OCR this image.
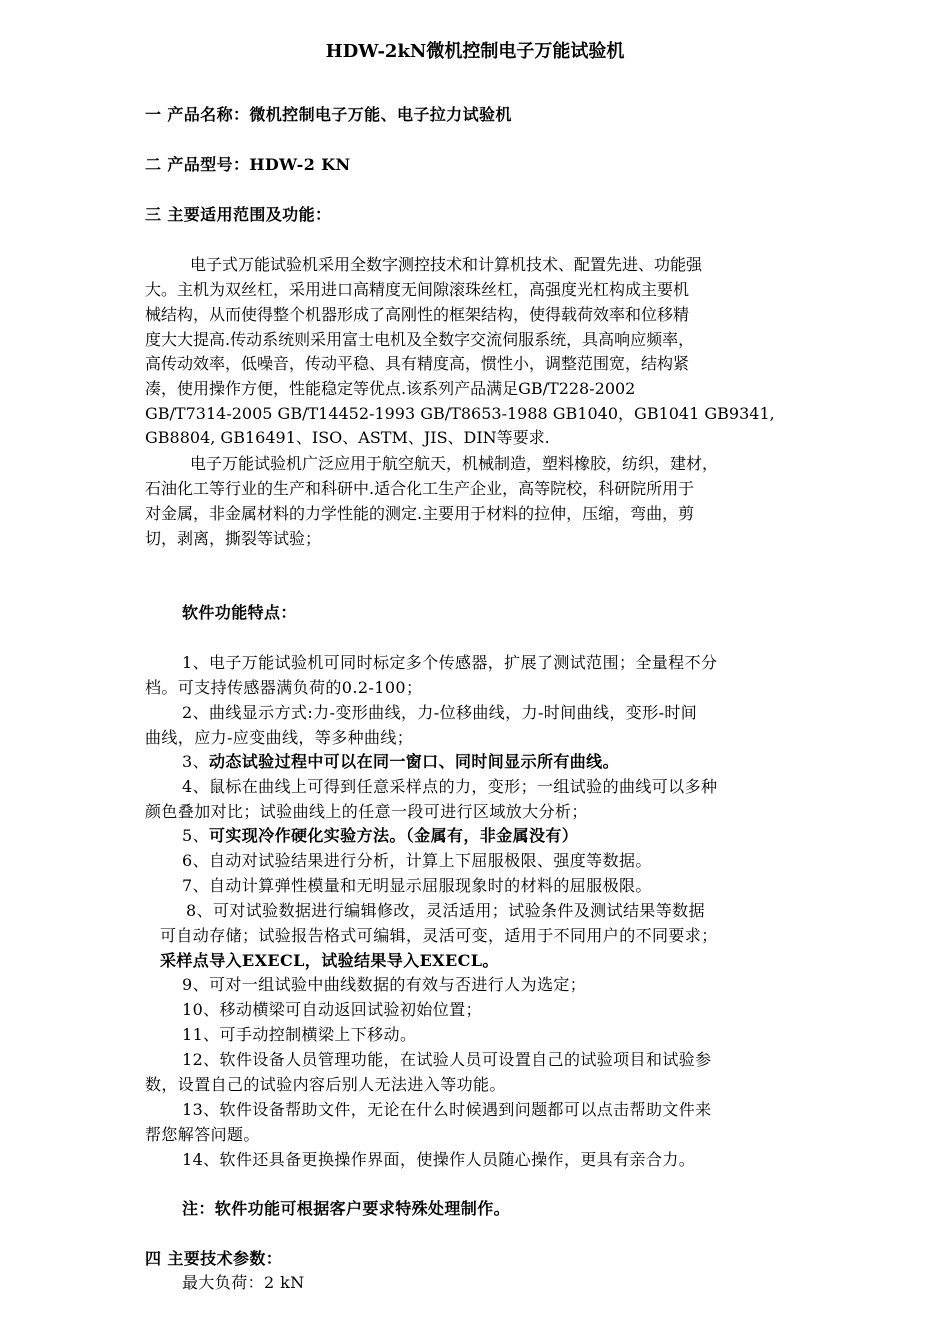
HDW-2kN微机控制电子万能试验机
一 产品名称：微机控制电子万能、电子拉力试验机
二 产品型号：HDW-2 KN
三 主要适用范围及功能：
电子式万能试验机采用全数字测控技术和计算机技术、配置先进、功能强
大。主机为双丝杠，采用进口高精度无间隙滚珠丝杠，高强度光杠构成主要机
械结构，从而使得整个机器形成了高刚性的框架结构，使得载荷效率和位移精
度大大提高.传动系统则采用富士电机及全数字交流伺服系统，具高响应频率，
高传动效率，低噪音，传动平稳、具有精度高，惯性小，调整范围宽，结构紧
凑，使用操作方便，性能稳定等优点.该系列产品满足GB/T228-2002
GB/T7314-2005 GB/T14452-1993 GB/T8653-1988 GB1040，GB1041 GB9341,
GB8804, GB16491、ISO、ASTM、JIS、DIN等要求.
电子万能试验机广泛应用于航空航天，机械制造，塑料橡胶，纺织，建材，
石油化工等行业的生产和科研中.适合化工生产企业，高等院校，科研院所用于
对金属，非金属材料的力学性能的测定.主要用于材料的拉伸，压缩，弯曲，剪
切，剥离，撕裂等试验；
软件功能特点：
1、电子万能试验机可同时标定多个传感器，扩展了测试范围；全量程不分
档。可支持传感器满负荷的0.2-100；
2、曲线显示方式:力-变形曲线，力-位移曲线，力-时间曲线，变形-时间
曲线，应力-应变曲线，等多种曲线；
3、动态试验过程中可以在同一窗口、同时间显示所有曲线。
4、鼠标在曲线上可得到任意采样点的力，变形；一组试验的曲线可以多种
颜色叠加对比；试验曲线上的任意一段可进行区域放大分析；
5、可实现冷作硬化实验方法。（金属有，非金属没有）
6、自动对试验结果进行分析，计算上下屈服极限、强度等数据。
7、自动计算弹性模量和无明显示屈服现象时的材料的屈服极限。
8、可对试验数据进行编辑修改，灵活适用；试验条件及测试结果等数据
可自动存储；试验报告格式可编辑，灵活可变，适用于不同用户的不同要求；
采样点导入EXECL，试验结果导入EXECL。
9、可对一组试验中曲线数据的有效与否进行人为选定；
10、移动横梁可自动返回试验初始位置；
11、可手动控制横梁上下移动。
12、软件设备人员管理功能，在试验人员可设置自己的试验项目和试验参
数，设置自己的试验内容后别人无法进入等功能。
13、软件设备帮助文件，无论在什么时候遇到问题都可以点击帮助文件来
帮您解答问题。
14、软件还具备更换操作界面，使操作人员随心操作，更具有亲合力。
注：软件功能可根据客户要求特殊处理制作。
四 主要技术参数：
最大负荷：2 kN
